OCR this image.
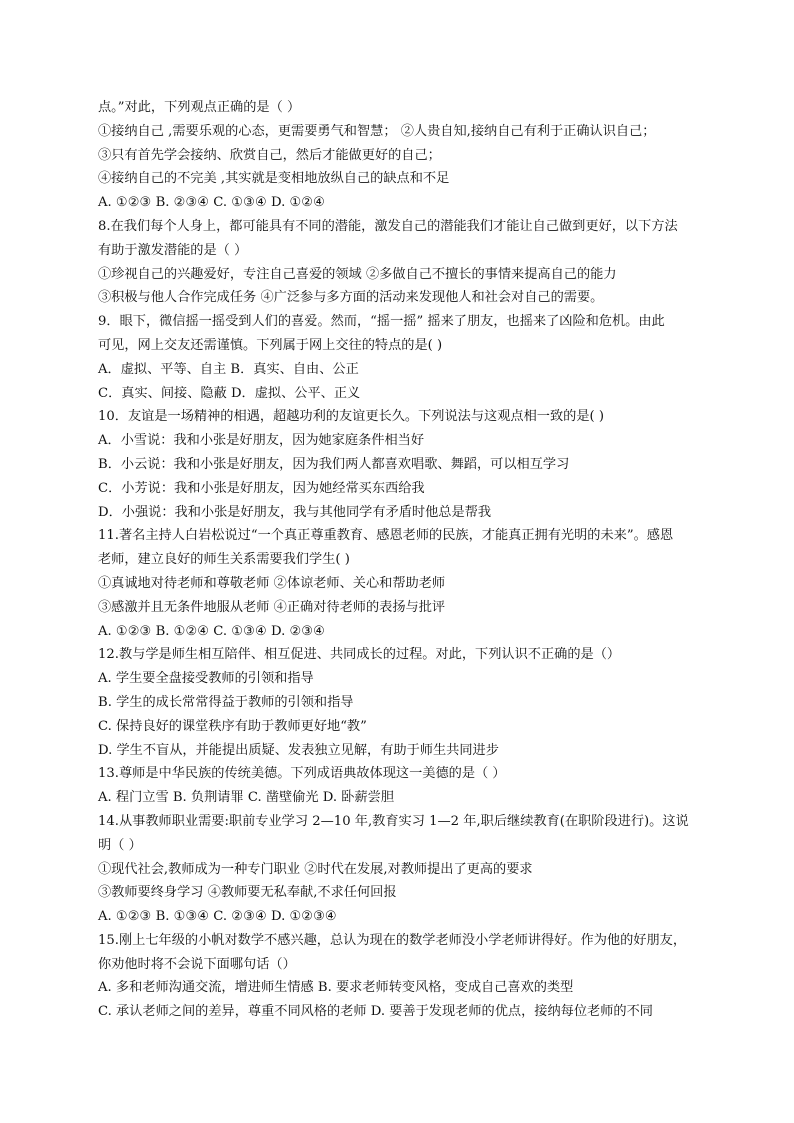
点。”对此，下列观点正确的是（ ）
①接纳自己 ,需要乐观的心态，更需要勇气和智慧； ②人贵自知,接纳自己有利于正确认识自己；
③只有首先学会接纳、欣赏自己，然后才能做更好的自己；
④接纳自己的不完美 ,其实就是变相地放纵自己的缺点和不足
A. ①②③ B. ②③④ C. ①③④ D. ①②④
8.在我们每个人身上，都可能具有不同的潜能，激发自己的潜能我们才能让自己做到更好，以下方法
有助于激发潜能的是（ ）
①珍视自己的兴趣爱好，专注自己喜爱的领域 ②多做自己不擅长的事情来提高自己的能力
③积极与他人合作完成任务 ④广泛参与多方面的活动来发现他人和社会对自己的需要。
9．眼下，微信摇一摇受到人们的喜爱。然而，“摇一摇” 摇来了朋友，也摇来了凶险和危机。由此
可见，网上交友还需谨慎。下列属于网上交往的特点的是( )
A．虚拟、平等、自主 B．真实、自由、公正
C．真实、间接、隐蔽 D．虚拟、公平、正义
10．友谊是一场精神的相遇，超越功利的友谊更长久。下列说法与这观点相一致的是( )
A．小雪说：我和小张是好朋友，因为她家庭条件相当好
B．小云说：我和小张是好朋友，因为我们两人都喜欢唱歌、舞蹈，可以相互学习
C．小芳说：我和小张是好朋友，因为她经常买东西给我
D．小强说：我和小张是好朋友，我与其他同学有矛盾时他总是帮我
11.著名主持人白岩松说过“一个真正尊重教育、感恩老师的民族，才能真正拥有光明的未来”。感恩
老师，建立良好的师生关系需要我们学生( )
①真诚地对待老师和尊敬老师 ②体谅老师、关心和帮助老师
③感激并且无条件地服从老师 ④正确对待老师的表扬与批评
A. ①②③ B. ①②④ C. ①③④ D. ②③④
12.教与学是师生相互陪伴、相互促进、共同成长的过程。对此，下列认识不正确的是（）
A. 学生要全盘接受教师的引领和指导
B. 学生的成长常常得益于教师的引领和指导
C. 保持良好的课堂秩序有助于教师更好地“教”
D. 学生不盲从，并能提出质疑、发表独立见解，有助于师生共同进步
13.尊师是中华民族的传统美德。下列成语典故体现这一美德的是（ ）
A. 程门立雪 B. 负荆请罪 C. 凿壁偷光 D. 卧薪尝胆
14.从事教师职业需要:职前专业学习 2—10 年,教育实习 1—2 年,职后继续教育(在职阶段进行)。这说
明（ ）
①现代社会,教师成为一种专门职业 ②时代在发展,对教师提出了更高的要求
③教师要终身学习 ④教师要无私奉献,不求任何回报
A. ①②③ B. ①③④ C. ②③④ D. ①②③④
15.刚上七年级的小帆对数学不感兴趣，总认为现在的数学老师没小学老师讲得好。作为他的好朋友，
你劝他时将不会说下面哪句话（）
A. 多和老师沟通交流，增进师生情感 B. 要求老师转变风格，变成自己喜欢的类型
C. 承认老师之间的差异，尊重不同风格的老师 D. 要善于发现老师的优点，接纳每位老师的不同
